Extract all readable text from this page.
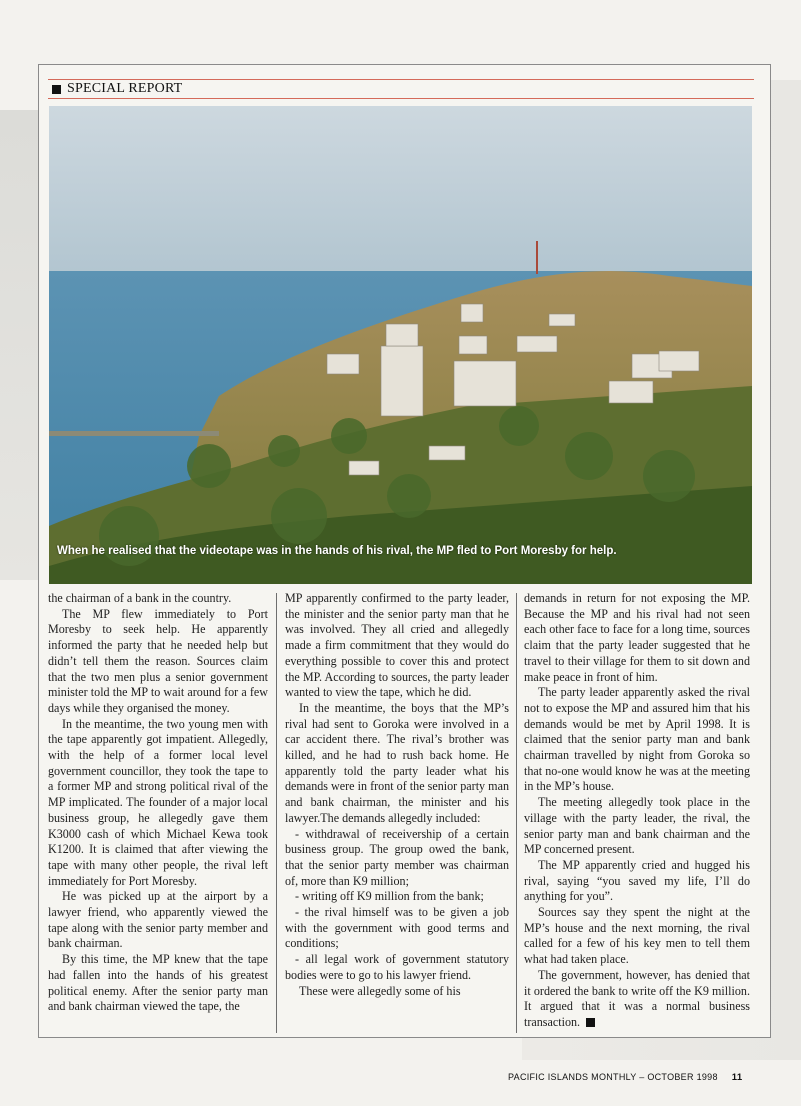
SPECIAL REPORT
When he realised that the videotape was in the hands of his rival, the MP fled to Port Moresby for help.

the chairman of a bank in the country.

The MP flew immediately to Port Moresby to seek help. He apparently informed the party that he needed help but didn’t tell them the reason. Sources claim that the two men plus a senior government minister told the MP to wait around for a few days while they organised the money.

In the meantime, the two young men with the tape apparently got impatient. Allegedly, with the help of a former local level government councillor, they took the tape to a former MP and strong political rival of the MP implicated. The founder of a major local business group, he allegedly gave them K3000 cash of which Michael Kewa took K1200. It is claimed that after viewing the tape with many other people, the rival left immediately for Port Moresby.

He was picked up at the airport by a lawyer friend, who apparently viewed the tape along with the senior party member and bank chairman.

By this time, the MP knew that the tape had fallen into the hands of his greatest political enemy. After the senior party man and bank chairman viewed the tape, the

MP apparently confirmed to the party leader, the minister and the senior party man that he was involved. They all cried and allegedly made a firm commitment that they would do everything possible to cover this and protect the MP. According to sources, the party leader wanted to view the tape, which he did.

In the meantime, the boys that the MP’s rival had sent to Goroka were involved in a car accident there. The rival’s brother was killed, and he had to rush back home. He apparently told the party leader what his demands were in front of the senior party man and bank chairman, the minister and his lawyer.The demands allegedly included:

- withdrawal of receivership of a certain business group. The group owed the bank, that the senior party member was chairman of, more than K9 million;

- writing off K9 million from the bank;

- the rival himself was to be given a job with the government with good terms and conditions;

- all legal work of government statutory bodies were to go to his lawyer friend.

These were allegedly some of his

demands in return for not exposing the MP. Because the MP and his rival had not seen each other face to face for a long time, sources claim that the party leader suggested that he travel to their village for them to sit down and make peace in front of him.

The party leader apparently asked the rival not to expose the MP and assured him that his demands would be met by April 1998. It is claimed that the senior party man and bank chairman travelled by night from Goroka so that no-one would know he was at the meeting in the MP’s house.

The meeting allegedly took place in the village with the party leader, the rival, the senior party man and bank chairman and the MP concerned present.

The MP apparently cried and hugged his rival, saying “you saved my life, I’ll do anything for you”.

Sources say they spent the night at the MP’s house and the next morning, the rival called for a few of his key men to tell them what had taken place.

The government, however, has denied that it ordered the bank to write off the K9 million. It argued that it was a normal business transaction.

PACIFIC ISLANDS MONTHLY – OCTOBER 1998 11
